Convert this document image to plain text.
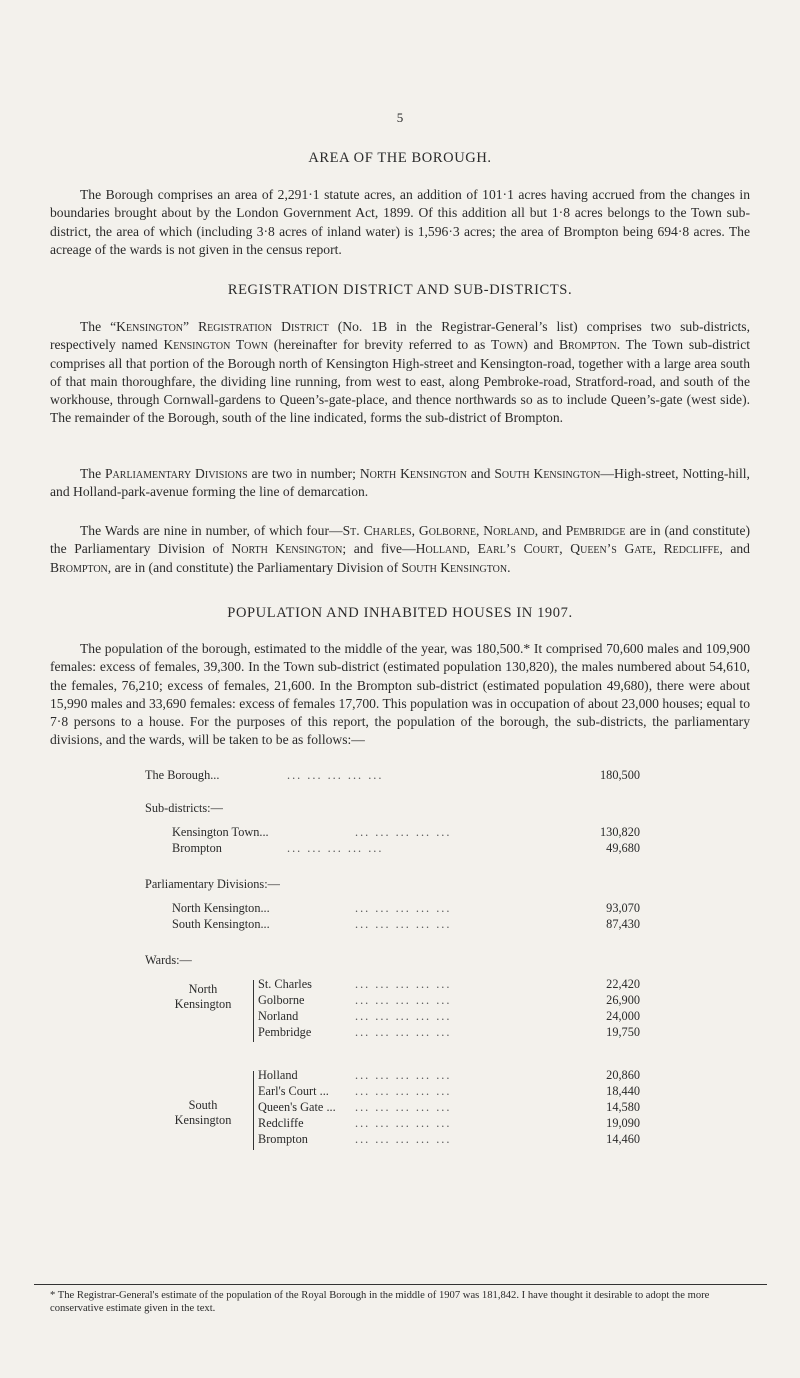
5
AREA OF THE BOROUGH.

The Borough comprises an area of 2,291·1 statute acres, an addition of 101·1 acres having accrued from the changes in boundaries brought about by the London Government Act, 1899. Of this addition all but 1·8 acres belongs to the Town sub-district, the area of which (including 3·8 acres of inland water) is 1,596·3 acres; the area of Brompton being 694·8 acres. The acreage of the wards is not given in the census report.

REGISTRATION DISTRICT AND SUB-DISTRICTS.

The “Kensington” Registration District (No. 1B in the Registrar-General’s list) comprises two sub-districts, respectively named Kensington Town (hereinafter for brevity referred to as Town) and Brompton. The Town sub-district comprises all that portion of the Borough north of Kensington High-street and Kensington-road, together with a large area south of that main thoroughfare, the dividing line running, from west to east, along Pembroke-road, Stratford-road, and south of the workhouse, through Cornwall-gardens to Queen’s-gate-place, and thence northwards so as to include Queen’s-gate (west side). The remainder of the Borough, south of the line indicated, forms the sub-district of Brompton.

The Parliamentary Divisions are two in number; North Kensington and South Kensington—High-street, Notting-hill, and Holland-park-avenue forming the line of demarcation.

The Wards are nine in number, of which four—St. Charles, Golborne, Norland, and Pembridge are in (and constitute) the Parliamentary Division of North Kensington; and five—Holland, Earl’s Court, Queen’s Gate, Redcliffe, and Brompton, are in (and constitute) the Parliamentary Division of South Kensington.

POPULATION AND INHABITED HOUSES IN 1907.

The population of the borough, estimated to the middle of the year, was 180,500.* It comprised 70,600 males and 109,900 females: excess of females, 39,300. In the Town sub-district (estimated population 130,820), the males numbered about 54,610, the females, 76,210; excess of females, 21,600. In the Brompton sub-district (estimated population 49,680), there were about 15,990 males and 33,690 females: excess of females 17,700. This population was in occupation of about 23,000 houses; equal to 7·8 persons to a house. For the purposes of this report, the population of the borough, the sub-districts, the parliamentary divisions, and the wards, will be taken to be as follows:—

The Borough...	... ... ... ... ...	180,500
Sub-districts:—
Kensington Town...	... ... ... ... ...	130,820
Brompton	... ... ... ... ...	49,680
Parliamentary Divisions:—
North Kensington...	... ... ... ... ...	93,070
South Kensington...	... ... ... ... ...	87,430
Wards:—
North
Kensington
St. Charles	... ... ... ... ...	22,420
Golborne	... ... ... ... ...	26,900
Norland	... ... ... ... ...	24,000
Pembridge	... ... ... ... ...	19,750
South
Kensington
Holland	... ... ... ... ...	20,860
Earl's Court ... ... ... ... ... ...	18,440
Queen's Gate ... ... ... ... ... ...	14,580
Redcliffe	... ... ... ... ...	19,090
Brompton	... ... ... ... ...	14,460
* The Registrar-General's estimate of the population of the Royal Borough in the middle of 1907 was 181,842. I have thought it desirable to adopt the more conservative estimate given in the text.
